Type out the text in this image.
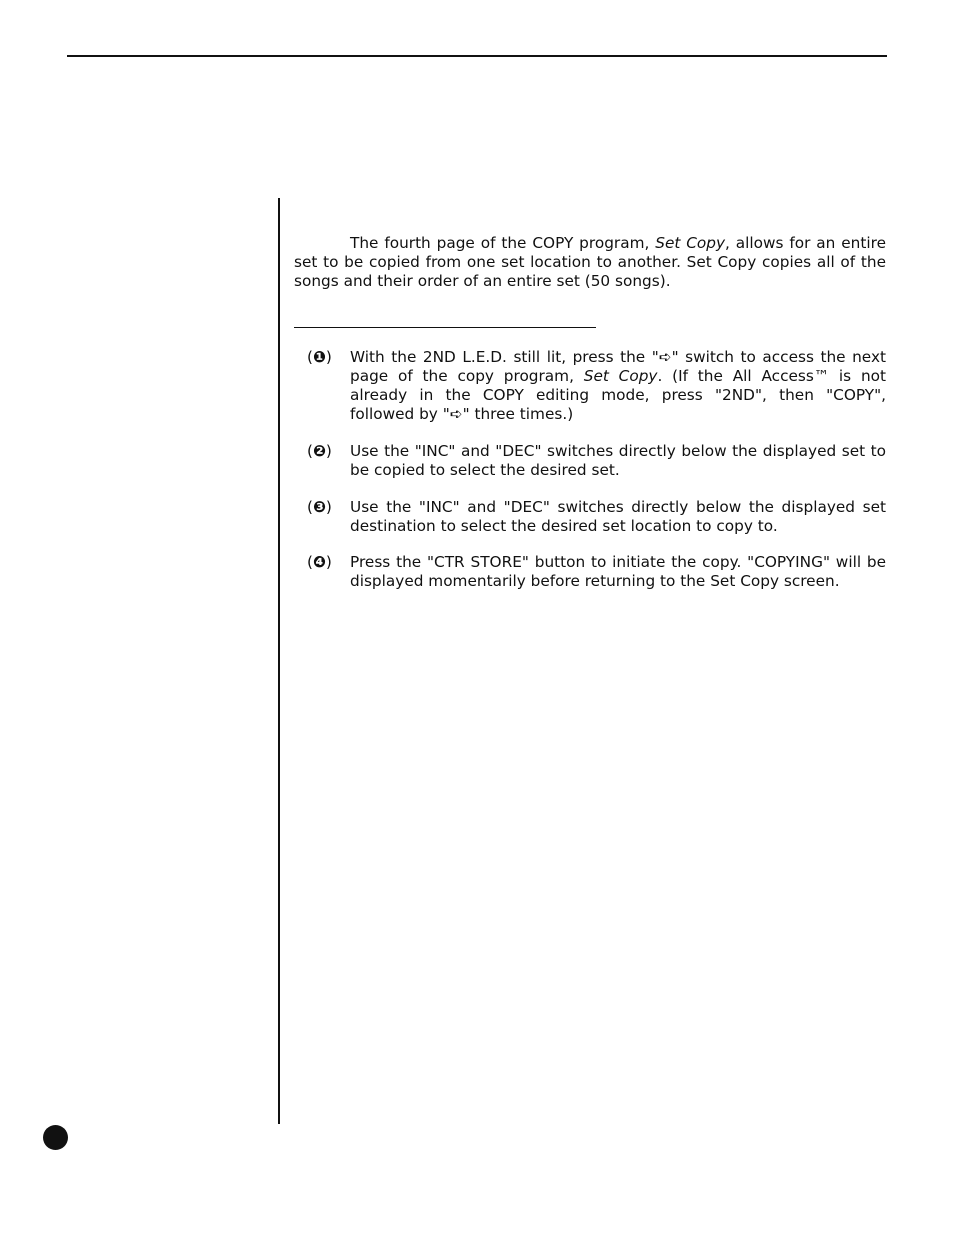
The fourth page of the COPY program, Set Copy, allows for an entire set to be copied from one set location to another. Set Copy copies all of the songs and their order of an entire set (50 songs).

(❶)	With the 2ND L.E.D. still lit, press the "➪" switch to access the next page of the copy program, Set Copy. (If the All Access™ is not already in the COPY editing mode, press "2ND", then "COPY", followed by "➪" three times.)

(❷)	Use the "INC" and "DEC" switches directly below the displayed set to be copied to select the desired set.

(❸)	Use the "INC" and "DEC" switches directly below the displayed set destination to select the desired set location to copy to.

(❹)	Press the "CTR STORE" button to initiate the copy. "COPYING" will be displayed momentarily before returning to the Set Copy screen.
